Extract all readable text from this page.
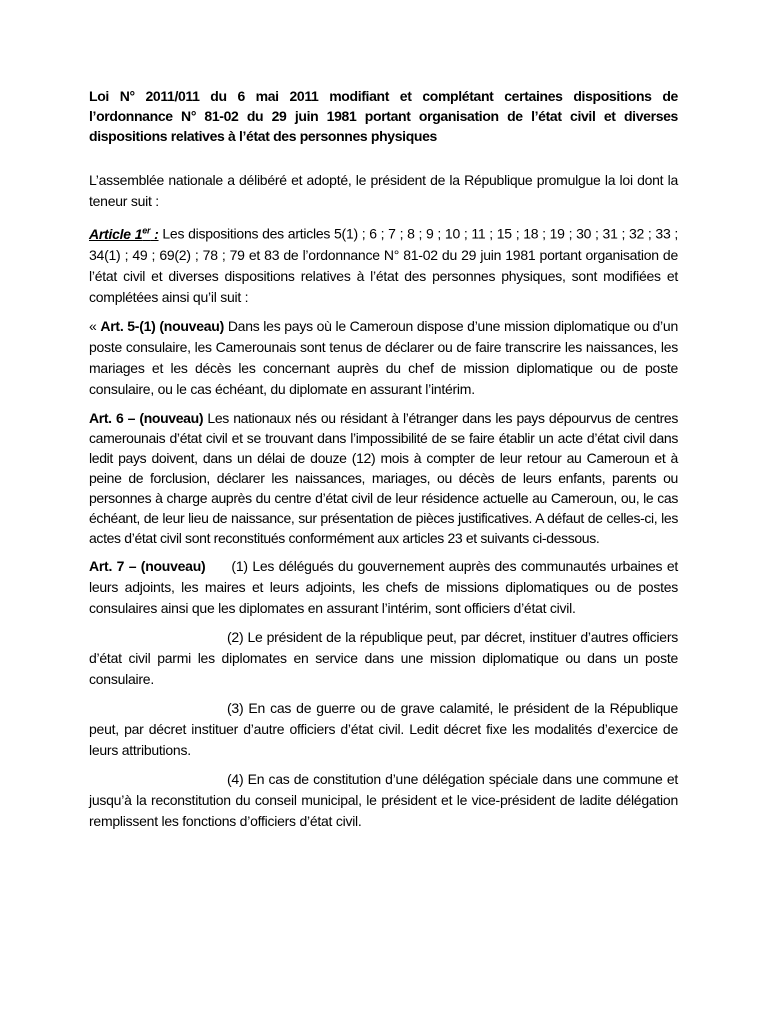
Loi N° 2011/011 du 6 mai 2011 modifiant et complétant certaines dispositions de l’ordonnance N° 81-02 du 29 juin 1981 portant organisation de l’état civil et diverses dispositions relatives à l’état des personnes physiques

L’assemblée nationale a délibéré et adopté, le président de la République promulgue la loi dont la teneur suit :

Article 1er : Les dispositions des articles 5(1) ; 6 ; 7 ; 8 ; 9 ; 10 ; 11 ; 15 ; 18 ; 19 ; 30 ; 31 ; 32 ; 33 ; 34(1) ; 49 ; 69(2) ; 78 ; 79 et 83 de l’ordonnance N° 81-02 du 29 juin 1981 portant organisation de l’état civil et diverses dispositions relatives à l’état des personnes physiques, sont modifiées et complétées ainsi qu’il suit :

« Art. 5-(1) (nouveau) Dans les pays où le Cameroun dispose d’une mission diplomatique ou d’un poste consulaire, les Camerounais sont tenus de déclarer ou de faire transcrire les naissances, les mariages et les décès les concernant auprès du chef de mission diplomatique ou de poste consulaire, ou le cas échéant, du diplomate en assurant l’intérim.

Art. 6 – (nouveau) Les nationaux nés ou résidant à l’étranger dans les pays dépourvus de centres camerounais d’état civil et se trouvant dans l’impossibilité de se faire établir un acte d’état civil dans ledit pays doivent, dans un délai de douze (12) mois à compter de leur retour au Cameroun et à peine de forclusion, déclarer les naissances, mariages, ou décès de leurs enfants, parents ou personnes à charge auprès du centre d’état civil de leur résidence actuelle au Cameroun, ou, le cas échéant, de leur lieu de naissance, sur présentation de pièces justificatives. A défaut de celles-ci, les actes d’état civil sont reconstitués conformément aux articles 23 et suivants ci-dessous.

Art. 7 – (nouveau) (1) Les délégués du gouvernement auprès des communautés urbaines et leurs adjoints, les maires et leurs adjoints, les chefs de missions diplomatiques ou de postes consulaires ainsi que les diplomates en assurant l’intérim, sont officiers d’état civil.

(2) Le président de la république peut, par décret, instituer d’autres officiers d’état civil parmi les diplomates en service dans une mission diplomatique ou dans un poste consulaire.

(3) En cas de guerre ou de grave calamité, le président de la République peut, par décret instituer d’autre officiers d’état civil. Ledit décret fixe les modalités d’exercice de leurs attributions.

(4) En cas de constitution d’une délégation spéciale dans une commune et jusqu’à la reconstitution du conseil municipal, le président et le vice-président de ladite délégation remplissent les fonctions d’officiers d’état civil.
